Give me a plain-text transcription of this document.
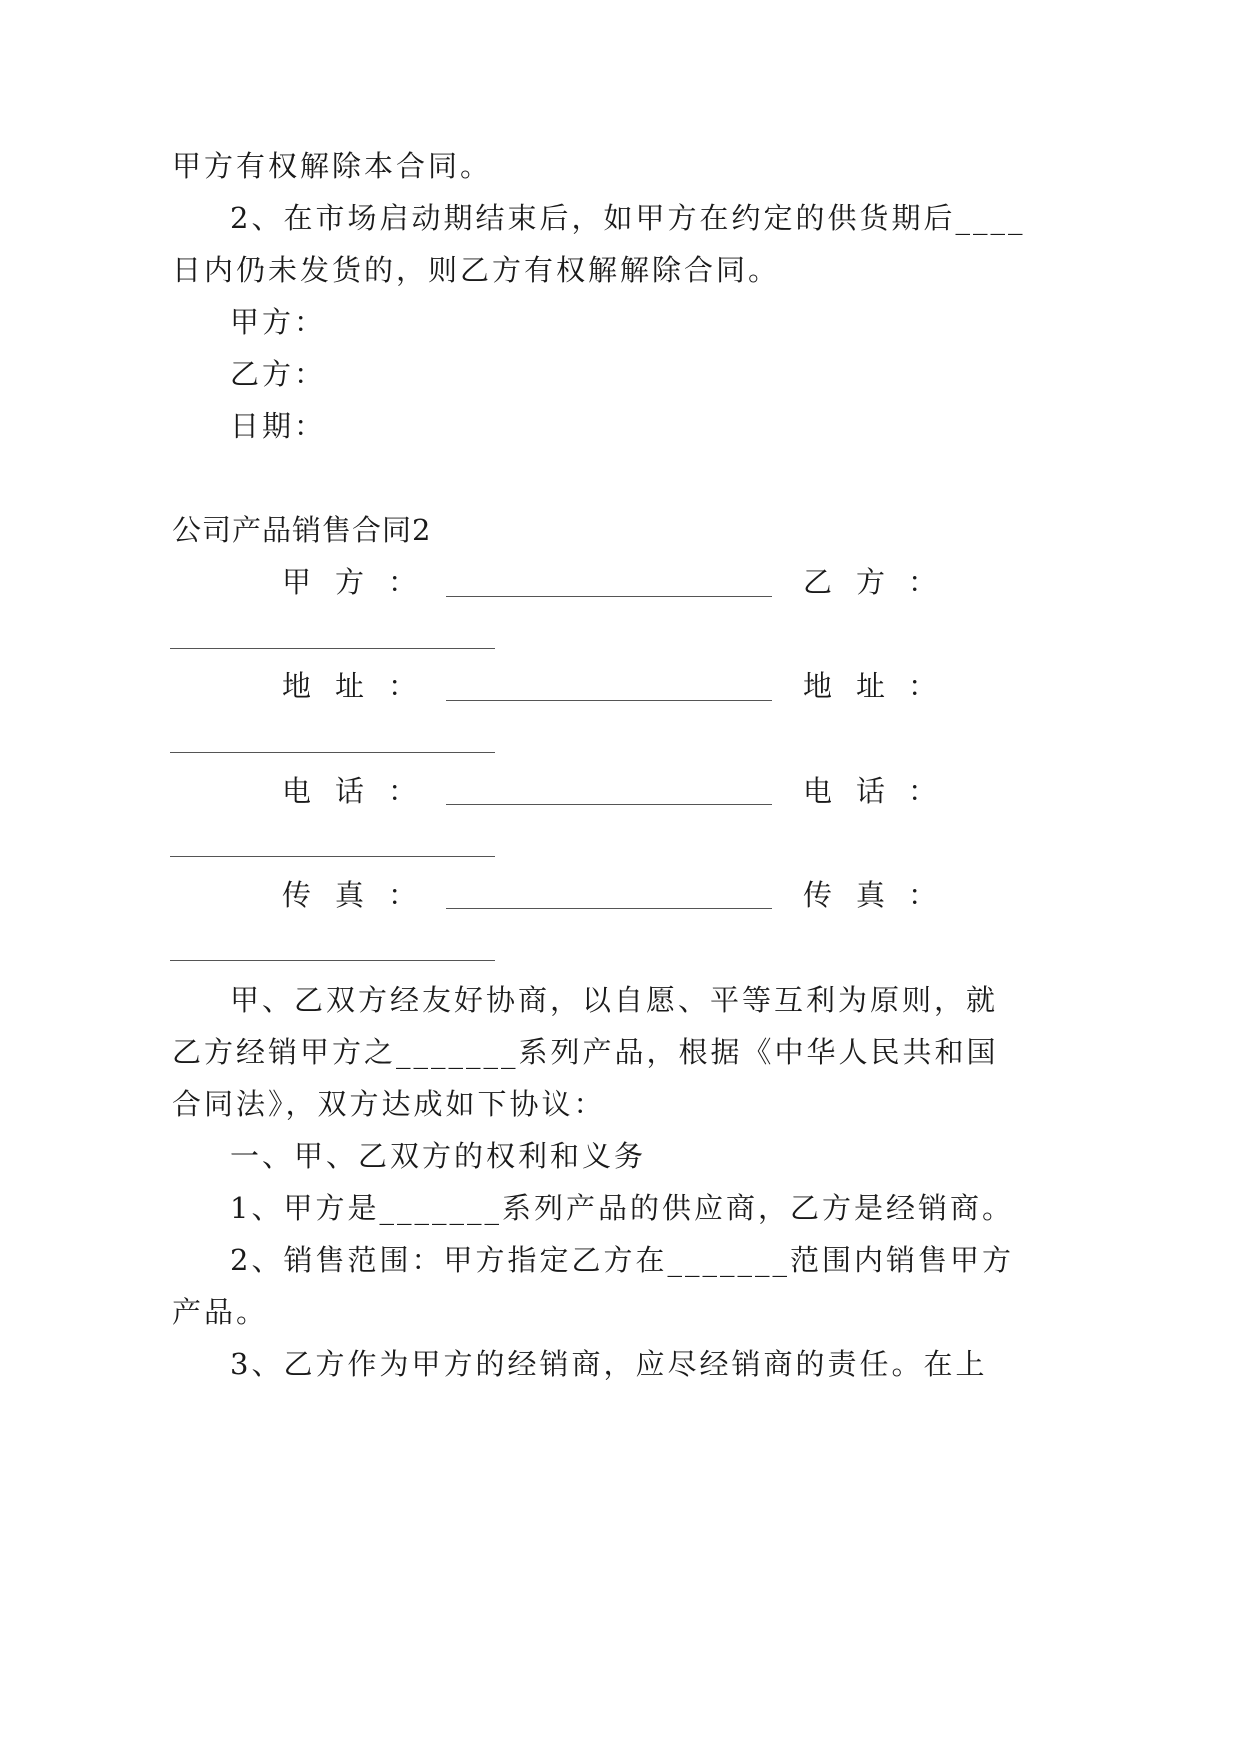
甲方有权解除本合同。
2、在市场启动期结束后，如甲方在约定的供货期后____
日内仍未发货的，则乙方有权解解除合同。
甲方：
乙方：
日期：
公司产品销售合同2
甲 方 ：	乙 方 ：
地 址 ：	地 址 ：
电 话 ：	电 话 ：
传 真 ：	传 真 ：
甲、乙双方经友好协商，以自愿、平等互利为原则，就
乙方经销甲方之_______系列产品，根据《中华人民共和国
合同法》，双方达成如下协议：
一、甲、乙双方的权利和义务
1、甲方是_______系列产品的供应商，乙方是经销商。
2、销售范围：甲方指定乙方在_______范围内销售甲方
产品。
3、乙方作为甲方的经销商，应尽经销商的责任。在上
